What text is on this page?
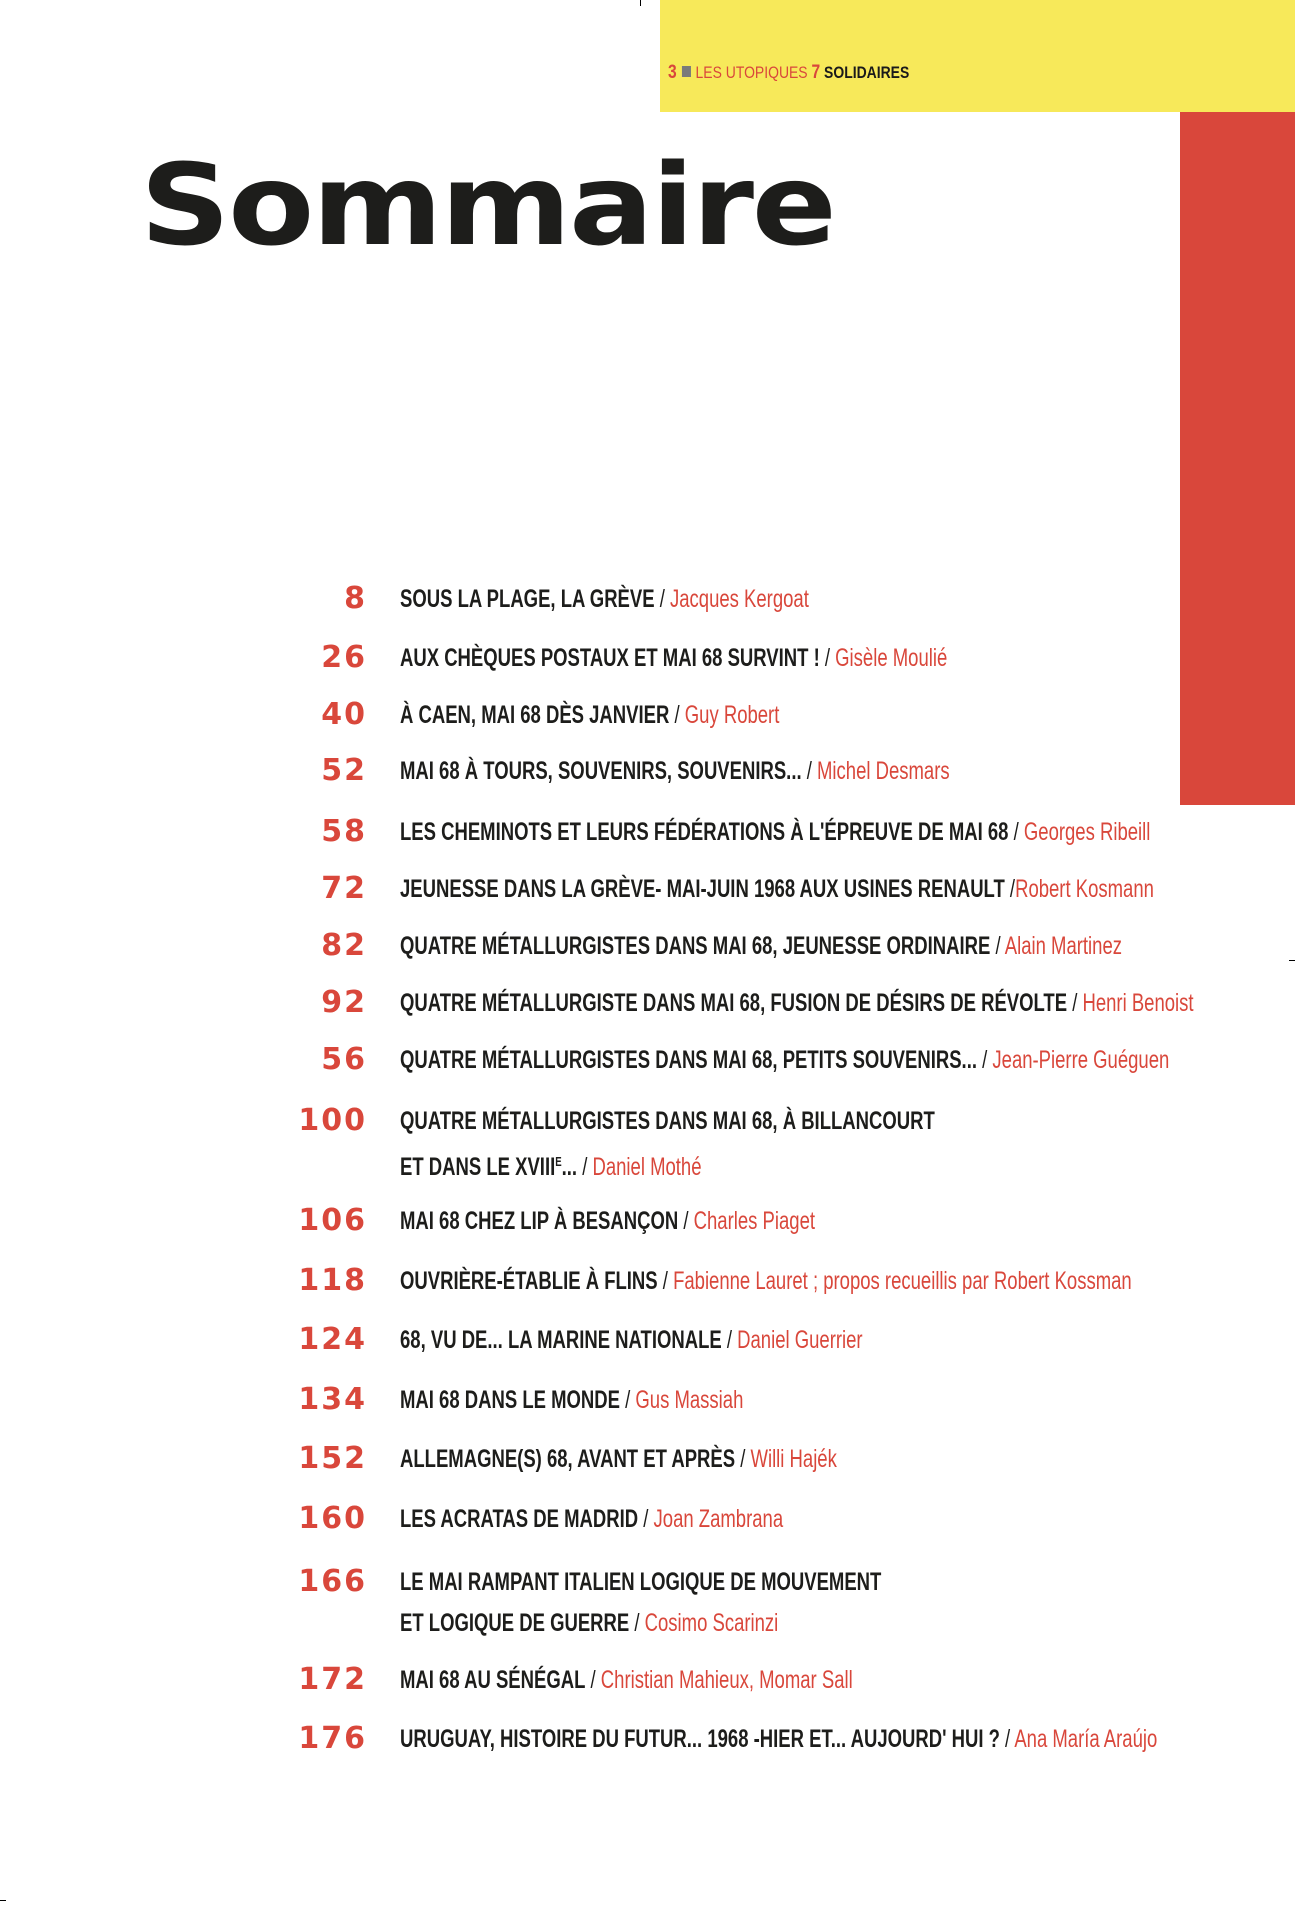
3 LES UTOPIQUES 7 SOLIDAIRES
Sommaire
8 SOUS LA PLAGE, LA GRÈVE / Jacques Kergoat
26 AUX CHÈQUES POSTAUX ET MAI 68 SURVINT ! / Gisèle Moulié
40 À CAEN, MAI 68 DÈS JANVIER / Guy Robert
52 MAI 68 À TOURS, SOUVENIRS, SOUVENIRS... / Michel Desmars
58 LES CHEMINOTS ET LEURS FÉDÉRATIONS À L'ÉPREUVE DE MAI 68 / Georges Ribeill
72 JEUNESSE DANS LA GRÈVE- MAI-JUIN 1968 AUX USINES RENAULT /Robert Kosmann
82 QUATRE MÉTALLURGISTES DANS MAI 68, JEUNESSE ORDINAIRE / Alain Martinez
92 QUATRE MÉTALLURGISTE DANS MAI 68, FUSION DE DÉSIRS DE RÉVOLTE / Henri Benoist
56 QUATRE MÉTALLURGISTES DANS MAI 68, PETITS SOUVENIRS... / Jean-Pierre Guéguen
100 QUATRE MÉTALLURGISTES DANS MAI 68, À BILLANCOURT
ET DANS LE $XVIII^E$... / Daniel Mothé
106 MAI 68 CHEZ LIP À BESANÇON / Charles Piaget
118 OUVRIÈRE-ÉTABLIE À FLINS / Fabienne Lauret ; propos recueillis par Robert Kossman
124 68, VU DE... LA MARINE NATIONALE / Daniel Guerrier
134 MAI 68 DANS LE MONDE / Gus Massiah
152 ALLEMAGNE(S) 68, AVANT ET APRÈS / Willi Hajék
160 LES ACRATAS DE MADRID / Joan Zambrana
166 LE MAI RAMPANT ITALIEN LOGIQUE DE MOUVEMENT
ET LOGIQUE DE GUERRE / Cosimo Scarinzi
172 MAI 68 AU SÉNÉGAL / Christian Mahieux, Momar Sall
176 URUGUAY, HISTOIRE DU FUTUR... 1968 -HIER ET... AUJOURD' HUI ? / Ana María Araújo
